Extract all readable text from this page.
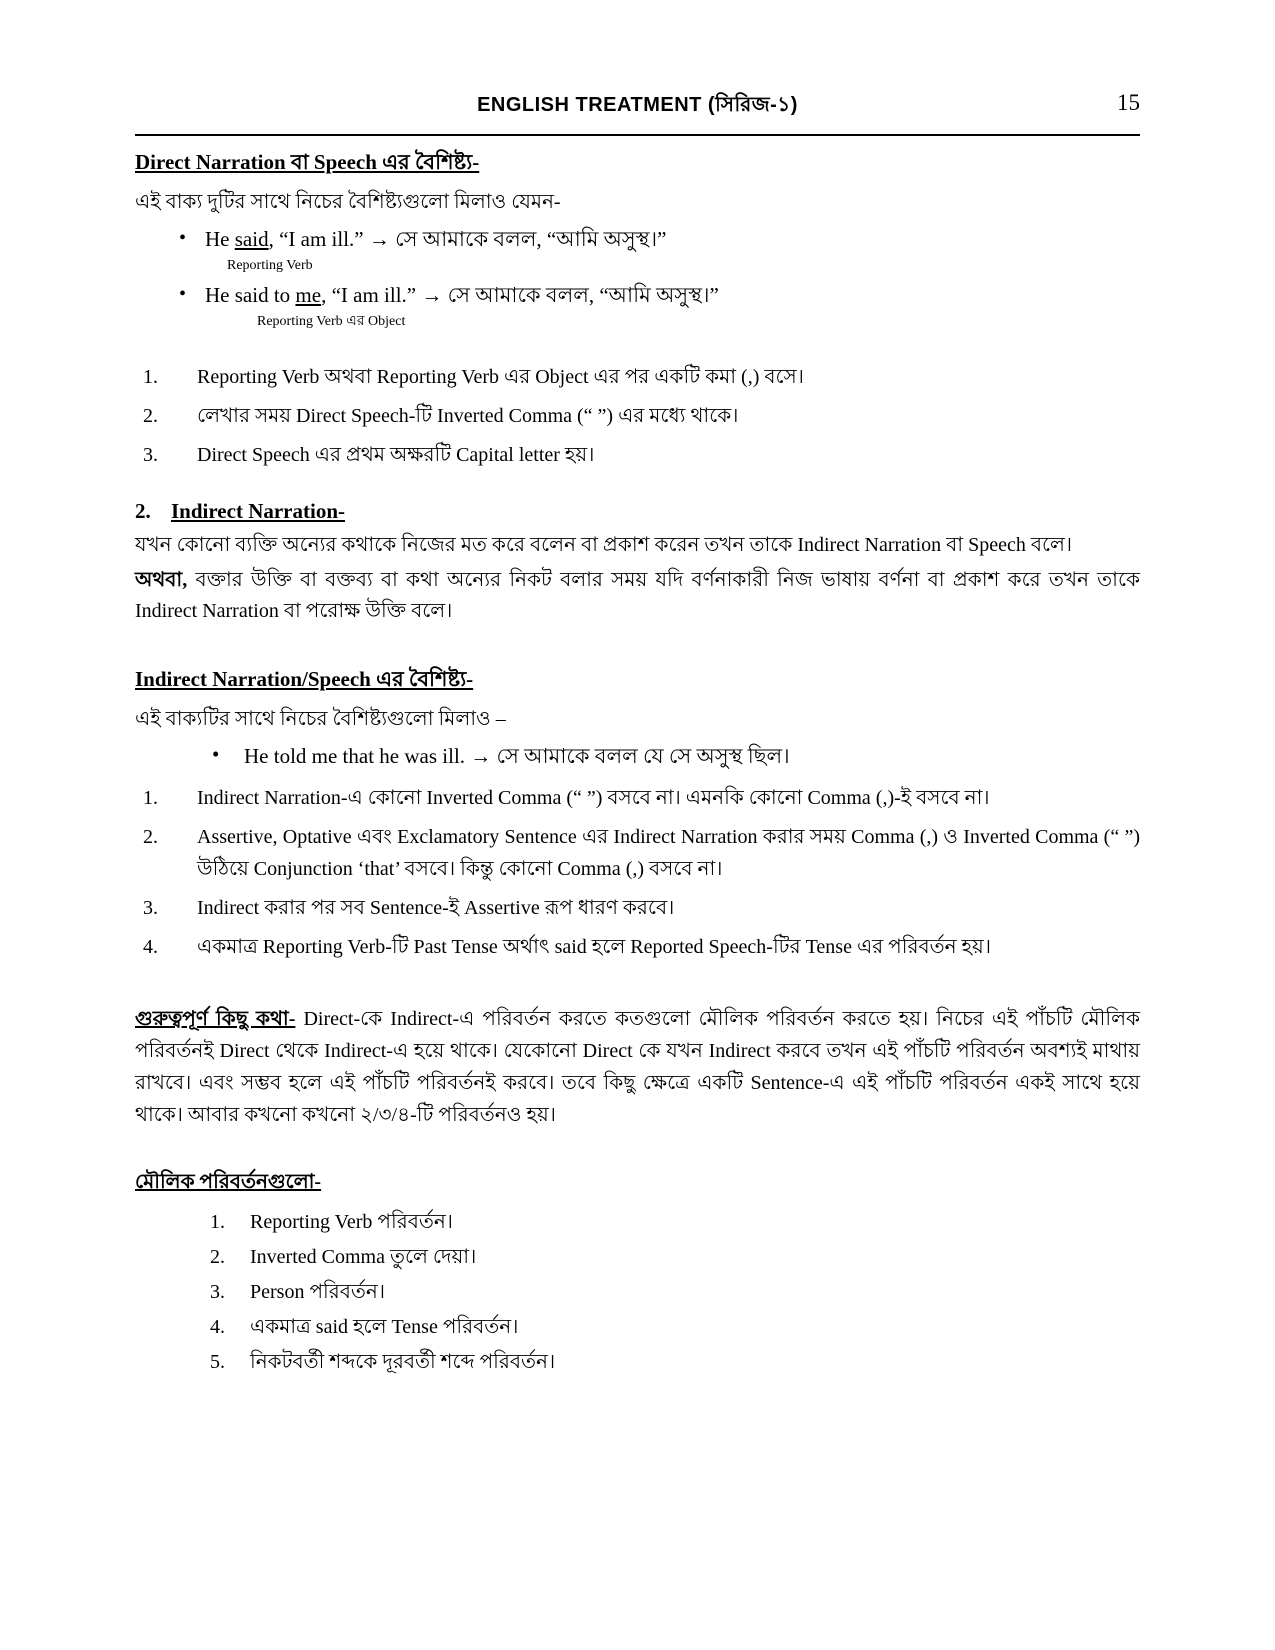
ENGLISH TREATMENT (সিরিজ-১)	15
Direct Narration বা Speech এর বৈশিষ্ট্য-
এই বাক্য দুটির সাথে নিচের বৈশিষ্ট্যগুলো মিলাও যেমন-
• He said, “I am ill.” → সে আমাকে বলল, “আমি অসুস্থ।”
Reporting Verb
• He said to me, “I am ill.” → সে আমাকে বলল, “আমি অসুস্থ।”
Reporting Verb এর Object
Reporting Verb অথবা Reporting Verb এর Object এর পর একটি কমা (,) বসে।
লেখার সময় Direct Speech-টি Inverted Comma (“ ”) এর মধ্যে থাকে।
Direct Speech এর প্রথম অক্ষরটি Capital letter হয়।
2. Indirect Narration-
যখন কোনো ব্যক্তি অন্যের কথাকে নিজের মত করে বলেন বা প্রকাশ করেন তখন তাকে Indirect Narration বা Speech বলে।
অথবা, বক্তার উক্তি বা বক্তব্য বা কথা অন্যের নিকট বলার সময় যদি বর্ণনাকারী নিজ ভাষায় বর্ণনা বা প্রকাশ করে তখন তাকে Indirect Narration বা পরোক্ষ উক্তি বলে।
Indirect Narration/Speech এর বৈশিষ্ট্য-
এই বাক্যটির সাথে নিচের বৈশিষ্ট্যগুলো মিলাও –
• He told me that he was ill. → সে আমাকে বলল যে সে অসুস্থ ছিল।
Indirect Narration-এ কোনো Inverted Comma (“ ”) বসবে না। এমনকি কোনো Comma (,)-ই বসবে না।
Assertive, Optative এবং Exclamatory Sentence এর Indirect Narration করার সময় Comma (,) ও Inverted Comma (“ ”) উঠিয়ে Conjunction ‘that’ বসবে। কিন্তু কোনো Comma (,) বসবে না।
Indirect করার পর সব Sentence-ই Assertive রূপ ধারণ করবে।
একমাত্র Reporting Verb-টি Past Tense অর্থাৎ said হলে Reported Speech-টির Tense এর পরিবর্তন হয়।
গুরুত্বপূর্ণ কিছু কথা- Direct-কে Indirect-এ পরিবর্তন করতে কতগুলো মৌলিক পরিবর্তন করতে হয়। নিচের এই পাঁচটি মৌলিক পরিবর্তনই Direct থেকে Indirect-এ হয়ে থাকে। যেকোনো Direct কে যখন Indirect করবে তখন এই পাঁচটি পরিবর্তন অবশ্যই মাথায় রাখবে। এবং সম্ভব হলে এই পাঁচটি পরিবর্তনই করবে। তবে কিছু ক্ষেত্রে একটি Sentence-এ এই পাঁচটি পরিবর্তন একই সাথে হয়ে থাকে। আবার কখনো কখনো ২/৩/৪-টি পরিবর্তনও হয়।
মৌলিক পরিবর্তনগুলো-
Reporting Verb পরিবর্তন।
Inverted Comma তুলে দেয়া।
Person পরিবর্তন।
একমাত্র said হলে Tense পরিবর্তন।
নিকটবর্তী শব্দকে দূরবর্তী শব্দে পরিবর্তন।
